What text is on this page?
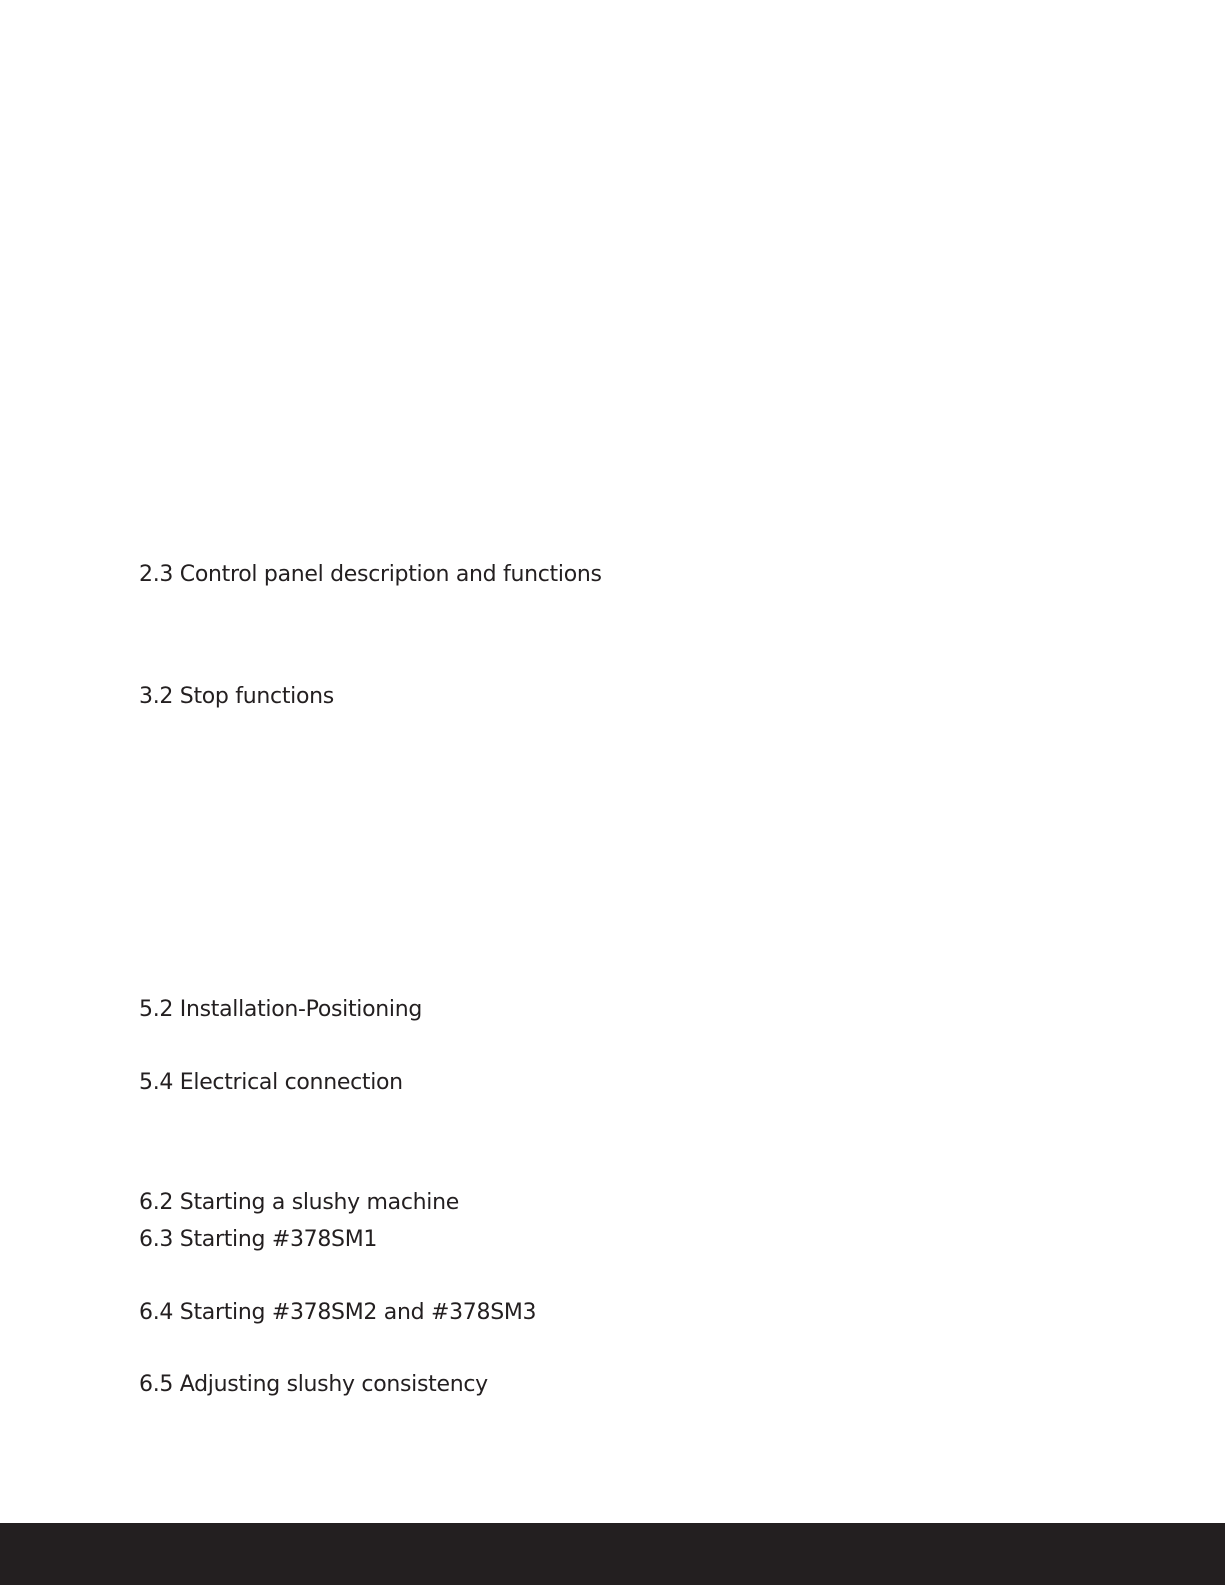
2.3 Control panel description and functions

3.2 Stop functions

5.2 Installation-Positioning

5.4 Electrical connection

6.2 Starting a slushy machine

6.3 Starting #378SM1

6.4 Starting #378SM2 and #378SM3

6.5 Adjusting slushy consistency
